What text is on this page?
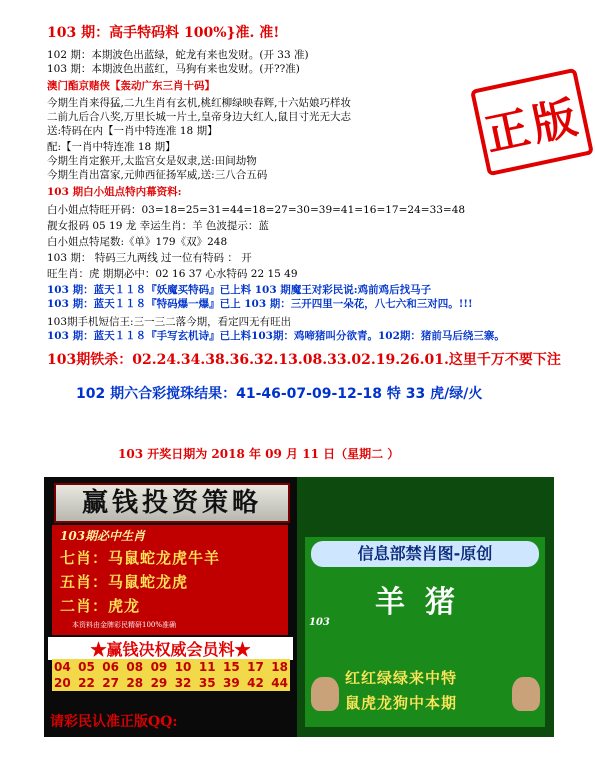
103 期：高手特码料 100%}准. 准!
102 期：本期波色出蓝绿，蛇龙有来也发财。(开 33 准)
103 期：本期波色出蓝红，马狗有来也发财。(开??准)
澳门酯京赌侠【轰动广东三肖十码】
今期生肖来得猛,二九生肖有玄机,桃红柳绿映春辉,十六姑娘巧样妆
二前九后合八奖,万里长城一片土,皇帝身边大红人,鼠目寸光无大志
送:特码在内【一肖中特连准 18 期】
配:【一肖中特连准 18 期】
今期生肖定猴开,太监宫女是奴隶,送:田间劫物
今期生肖出富家,元帅西征扬军威,送:三八合五码
103 期白小姐点特内幕资料:
白小姐点特旺开码：03=18=25=31=44=18=27=30=39=41=16=17=24=33=48
靓女报码 05 19 龙 幸运生肖：羊 色波提示：蓝
白小姐点特尾数:《单》179《双》248
103 期： 特码三九两线 过一位有特码 ： 开
旺生肖：虎 期期必中：02 16 37 心水特码 22 15 49
103 期：蓝天１１８『妖魔买特码』已上料 103 期魔王对彩民说:鸡前鸡后找马子
103 期：蓝天１１８『特码爆一爆』已上 103 期：三开四里一朵花，八七六和三对四。!!!
103期手机短信王:三一三二落今期，看定四无有旺出
103 期：蓝天１１８『手写玄机诗』已上料103期：鸡啼猪叫分欲青。102期：猪前马后绕三寨。
103期铁杀：02.24.34.38.36.32.13.08.33.02.19.26.01.这里千万不要下注
102 期六合彩搅珠结果：41-46-07-09-12-18 特 33 虎/绿/火
103 开奖日期为 2018 年 09 月 11 日（星期二 ）
正版
赢钱投资策略
103期必中生肖
七肖：马鼠蛇龙虎牛羊
五肖：马鼠蛇龙虎
二肖：虎龙
本资料由金牌彩民精研100%准确
★赢钱决权威会员料★
04 05 06 08 09 10 11 15 17 18
20 22 27 28 29 32 35 39 42 44
请彩民认准正版QQ:
信息部禁肖图-原创
103
羊猪
红红绿绿来中特
鼠虎龙狗中本期
